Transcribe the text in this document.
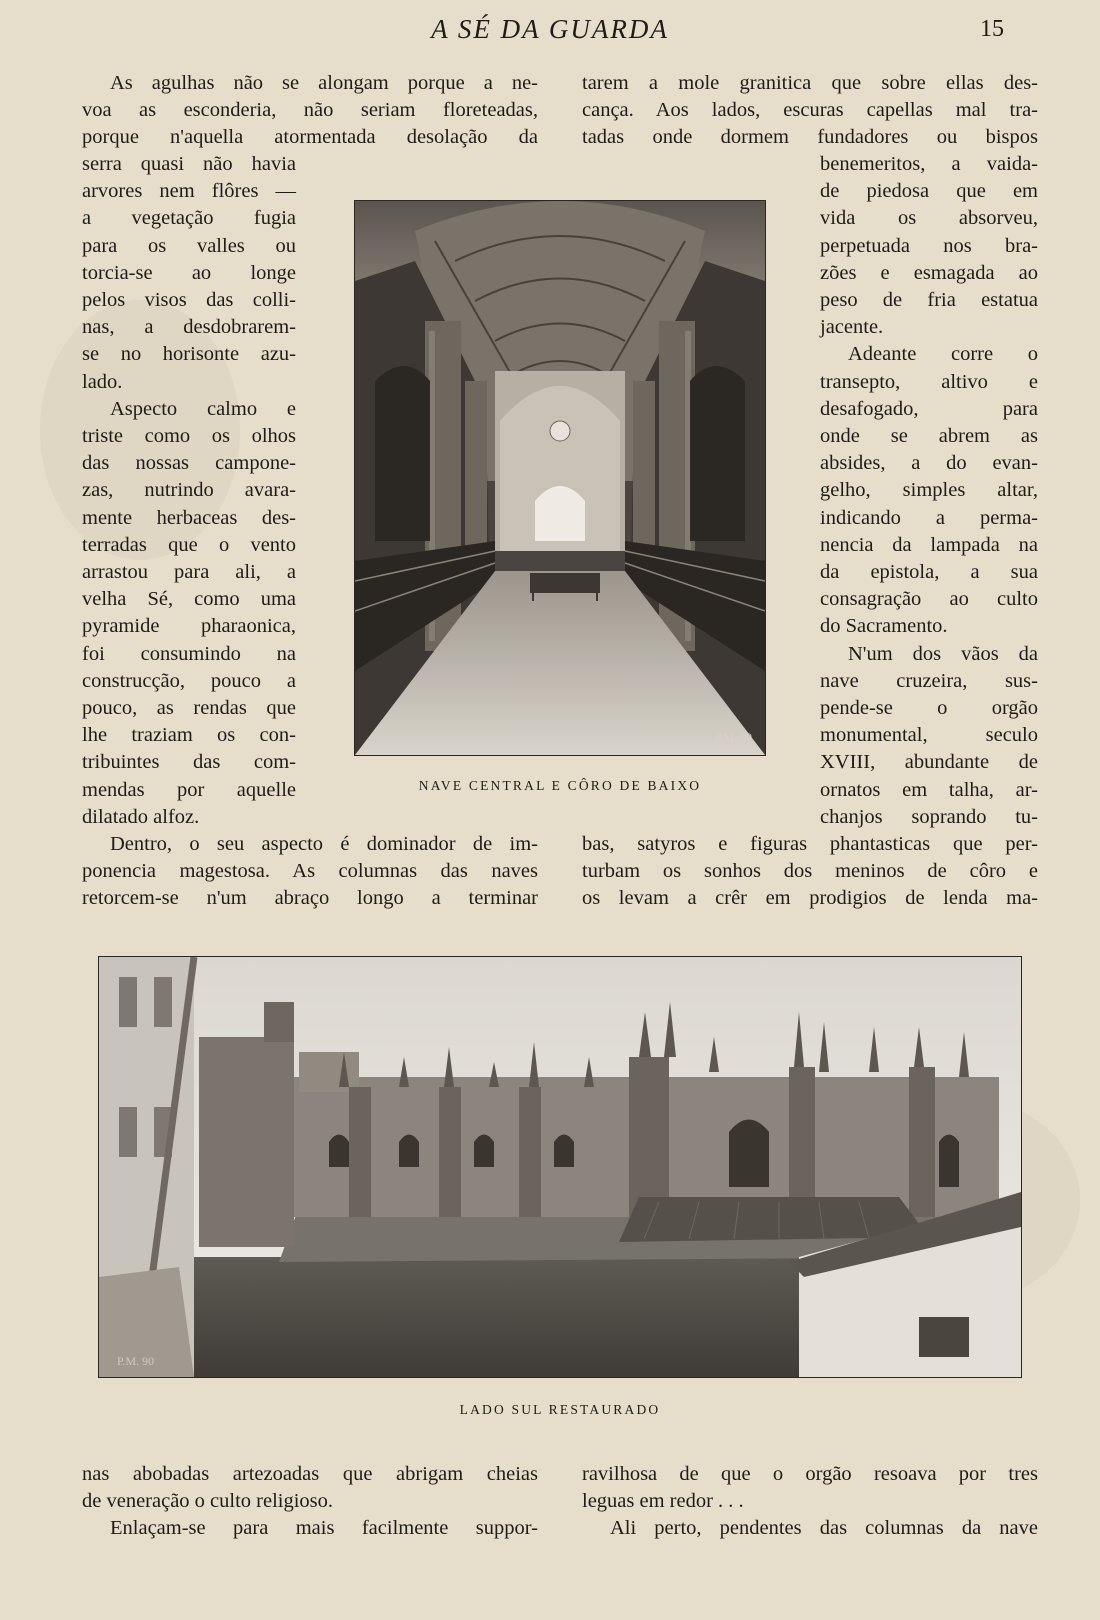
A SÉ DA GUARDA	15
As agulhas não se alongam porque a ne-
voa as esconderia, não seriam floreteadas,
porque n'aquella atormentada desolação da
serra quasi não havia
arvores nem flôres —
a vegetação fugia
para os valles ou
torcia-se ao longe
pelos visos das colli-
nas, a desdobrarem-
se no horisonte azu-
lado.
Aspecto calmo e
triste como os olhos
das nossas campone-
zas, nutrindo avara-
mente herbaceas des-
terradas que o vento
arrastou para ali, a
velha Sé, como uma
pyramide pharaonica,
foi consumindo na
construcção, pouco a
pouco, as rendas que
lhe traziam os con-
tribuintes das com-
mendas por aquelle
dilatado alfoz.
Dentro, o seu aspecto é dominador de im-
ponencia magestosa. As columnas das naves
retorcem-se n'um abraço longo a terminar
tarem a mole granitica que sobre ellas des-
cança. Aos lados, escuras capellas mal tra-
tadas onde dormem fundadores ou bispos
benemeritos, a vaida-
de piedosa que em
vida os absorveu,
perpetuada nos bra-
zões e esmagada ao
peso de fria estatua
jacente.
Adeante corre o
transepto, altivo e
desafogado, para
onde se abrem as
absides, a do evan-
gelho, simples altar,
indicando a perma-
nencia da lampada na
da epistola, a sua
consagração ao culto
do Sacramento.
N'um dos vãos da
nave cruzeira, sus-
pende-se o orgão
monumental, seculo
XVIII, abundante de
ornatos em talha, ar-
chanjos soprando tu-
bas, satyros e figuras phantasticas que per-
turbam os sonhos dos meninos de côro e
os levam a crêr em prodigios de lenda ma-
P.M. 90
NAVE CENTRAL E CÔRO DE BAIXO
P.M. 90
LADO SUL RESTAURADO
nas abobadas artezoadas que abrigam cheias
de veneração o culto religioso.
Enlaçam-se para mais facilmente suppor-
ravilhosa de que o orgão resoava por tres
leguas em redor . . .
Ali perto, pendentes das columnas da nave
